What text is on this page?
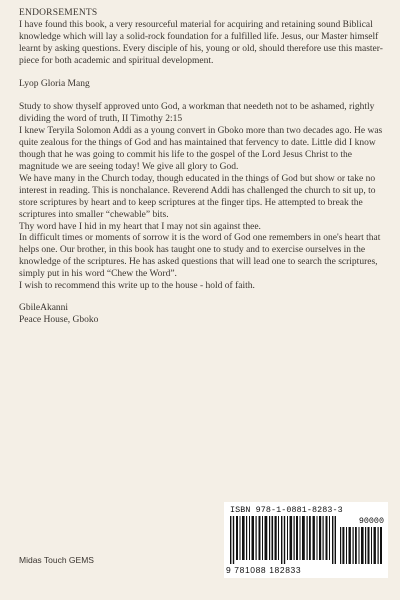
ENDORSEMENTS

I have found this book, a very resourceful material for acquiring and retaining sound Biblical knowledge which will lay a solid-rock foundation for a fulfilled life. Jesus, our Master himself learnt by asking questions. Every disciple of his, young or old, should therefore use this master-piece for both academic and spiritual development.

Lyop Gloria Mang

Study to show thyself approved unto God, a workman that needeth not to be ashamed, rightly dividing the word of truth, II Timothy 2:15

I knew Teryila Solomon Addi as a young convert in Gboko more than two decades ago. He was quite zealous for the things of God and has maintained that fervency to date. Little did I know though that he was going to commit his life to the gospel of the Lord Jesus Christ to the magnitude we are seeing today! We give all glory to God.

We have many in the Church today, though educated in the things of God but show or take no interest in reading. This is nonchalance. Reverend Addi has challenged the church to sit up, to store scriptures by heart and to keep scriptures at the finger tips. He attempted to break the scriptures into smaller “chewable” bits.

Thy word have I hid in my heart that I may not sin against thee.

In difficult times or moments of sorrow it is the word of God one remembers in one's heart that helps one. Our brother, in this book has taught one to study and to exercise ourselves in the knowledge of the scriptures. He has asked questions that will lead one to search the scriptures, simply put in his word “Chew the Word”.

I wish to recommend this write up to the house - hold of faith.

GbileAkanni

Peace House, Gboko

ISBN 978-1-0881-8283-3
90000
9 781088 182833
Midas Touch GEMS
